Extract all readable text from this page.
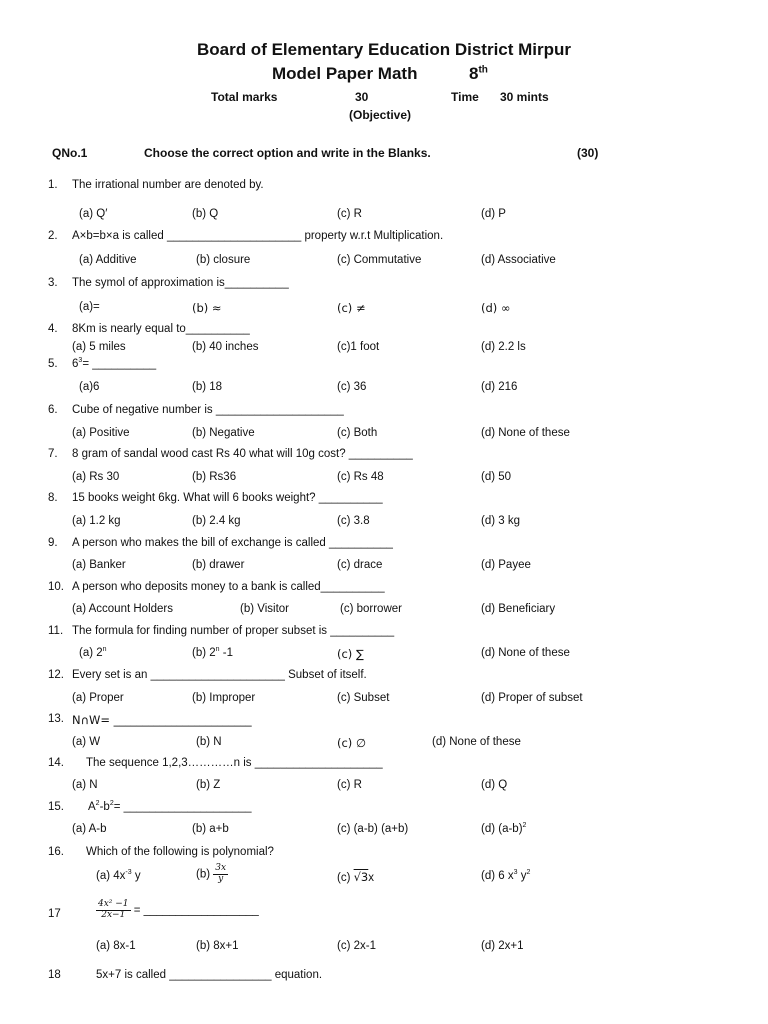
Board of Elementary Education District Mirpur
Model Paper Math	8th
Total marks	30	Time 30 mints
(Objective)
QNo.1	Choose the correct option and write in the Blanks.	(30)
1. The irrational number are denoted by.
(a) Q′	(b) Q	(c) R	(d) P
2. A×b=b×a is called _____________________ property w.r.t Multiplication.
(a) Additive	(b) closure	(c) Commutative	(d) Associative
3. The symol of approximation is__________
(a)=	(b) ≈	(c) ≠	(d) ∞
4. 8Km is nearly equal to__________
(a) 5 miles	(b) 40 inches	(c)1 foot	(d) 2.2 ls
5. $6^3=$ __________
(a)6	(b) 18	(c) 36	(d) 216
6. Cube of negative number is ____________________
(a) Positive	(b) Negative	(c) Both	(d) None of these
7. 8 gram of sandal wood cast Rs 40 what will 10g cost? __________
(a) Rs 30	(b) Rs36	(c) Rs 48	(d) 50
8. 15 books weight 6kg. What will 6 books weight? __________
(a) 1.2 kg	(b) 2.4 kg	(c) 3.8	(d) 3 kg
9. A person who makes the bill of exchange is called __________
(a) Banker	(b) drawer	(c) drace	(d) Payee
10. A person who deposits money to a bank is called__________
(a) Account Holders	(b) Visitor	(c) borrower	(d) Beneficiary
11. The formula for finding number of proper subset is __________
(a) 2$^n$	(b) 2$^n$ -1	(c) ∑	(d) None of these
12. Every set is an _____________________ Subset of itself.
(a) Proper	(b) Improper	(c) Subset	(d) Proper of subset
13. N∩W= ________________________
(a) W	(b) N	(c) ∅	(d) None of these
14. The sequence 1,2,3…………n is ____________________
(a) N	(b) Z	(c) R	(d) Q
15. $A^2-b^2=$ ____________________
(a) A-b	(b) a+b	(c) (a-b) (a+b)	(d) $(a-b)^2$
16. Which of the following is polynomial?
(a) $4x^{-3}$ y	$(b) \frac{3x}{y}$	(c) √3x	(d) 6 $x^3$ $y^2$
17	$\frac{\text{4x² −1}}{2x-1}$ = __________________
(a) 8x-1	(b) 8x+1	(c) 2x-1	(d) 2x+1
18	5x+7 is called ________________ equation.
